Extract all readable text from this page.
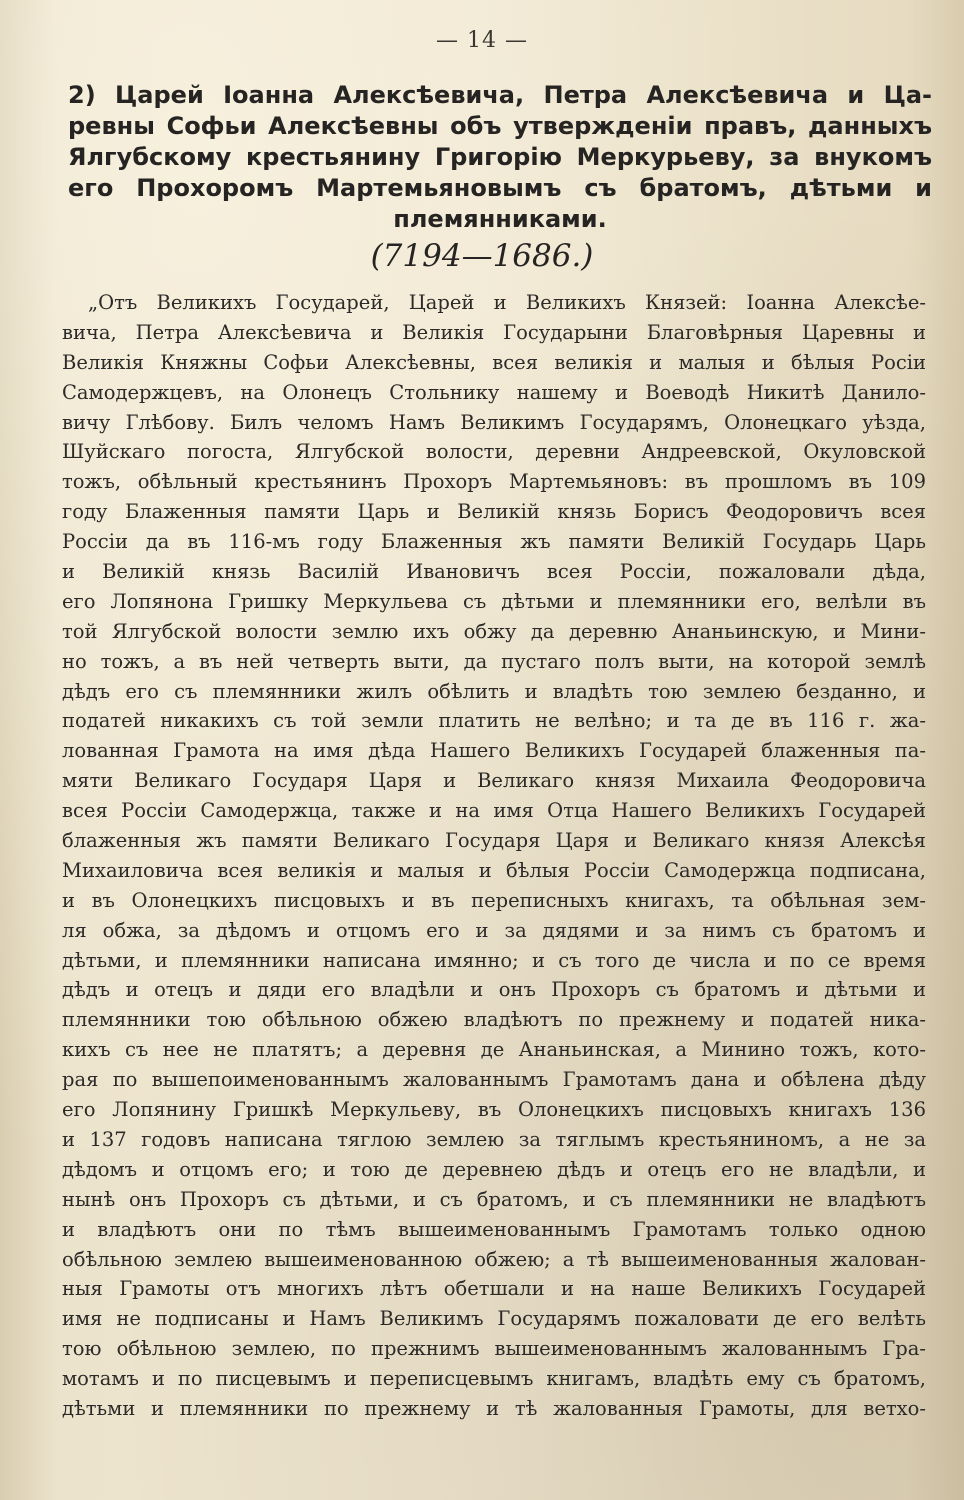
— 14 —
2) Царей Іоанна Алексѣевича, Петра Алексѣевича и Ца-
ревны Софьи Алексѣевны объ утвержденіи правъ, данныхъ
Ялгубскому крестьянину Григорію Меркурьеву, за внукомъ
его Прохоромъ Мартемьяновымъ съ братомъ, дѣтьми и
племянниками.
(7194—1686.)
„Отъ Великихъ Государей, Царей и Великихъ Князей: Іоанна Алексѣе-
вича, Петра Алексѣевича и Великія Государыни Благовѣрныя Царевны и
Великія Княжны Софьи Алексѣевны, всея великія и малыя и бѣлыя Росіи
Самодержцевъ, на Олонецъ Стольнику нашему и Воеводѣ Никитѣ Данило-
вичу Глѣбову. Билъ челомъ Намъ Великимъ Государямъ, Олонецкаго уѣзда,
Шуйскаго погоста, Ялгубской волости, деревни Андреевской, Окуловской
тожъ, обѣльный крестьянинъ Прохоръ Мартемьяновъ: въ прошломъ въ 109
году Блаженныя памяти Царь и Великій князь Борисъ Феодоровичъ всея
Россіи да въ 116-мъ году Блаженныя жъ памяти Великій Государь Царь
и Великій князь Василій Ивановичъ всея Россіи, пожаловали дѣда,
его Лопянона Гришку Меркульева съ дѣтьми и племянники его, велѣли въ
той Ялгубской волости землю ихъ обжу да деревню Ананьинскую, и Мини-
но тожъ, а въ ней четверть выти, да пустаго полъ выти, на которой землѣ
дѣдъ его съ племянники жилъ обѣлить и владѣть тою землею безданно, и
податей никакихъ съ той земли платить не велѣно; и та де въ 116 г. жа-
лованная Грамота на имя дѣда Нашего Великихъ Государей блаженныя па-
мяти Великаго Государя Царя и Великаго князя Михаила Феодоровича
всея Россіи Самодержца, также и на имя Отца Нашего Великихъ Государей
блаженныя жъ памяти Великаго Государя Царя и Великаго князя Алексѣя
Михаиловича всея великія и малыя и бѣлыя Россіи Самодержца подписана,
и въ Олонецкихъ писцовыхъ и въ переписныхъ книгахъ, та обѣльная зем-
ля обжа, за дѣдомъ и отцомъ его и за дядями и за нимъ съ братомъ и
дѣтьми, и племянники написана имянно; и съ того де числа и по се время
дѣдъ и отецъ и дяди его владѣли и онъ Прохоръ съ братомъ и дѣтьми и
племянники тою обѣльною обжею владѣютъ по прежнему и податей ника-
кихъ съ нее не платятъ; а деревня де Ананьинская, а Минино тожъ, кото-
рая по вышепоименованнымъ жалованнымъ Грамотамъ дана и обѣлена дѣду
его Лопянину Гришкѣ Меркульеву, въ Олонецкихъ писцовыхъ книгахъ 136
и 137 годовъ написана тяглою землею за тяглымъ крестьяниномъ, а не за
дѣдомъ и отцомъ его; и тою де деревнею дѣдъ и отецъ его не владѣли, и
нынѣ онъ Прохоръ съ дѣтьми, и съ братомъ, и съ племянники не владѣютъ
и владѣютъ они по тѣмъ вышеименованнымъ Грамотамъ только одною
обѣльною землею вышеименованною обжею; а тѣ вышеименованныя жалован-
ныя Грамоты отъ многихъ лѣтъ обетшали и на наше Великихъ Государей
имя не подписаны и Намъ Великимъ Государямъ пожаловати де его велѣть
тою обѣльною землею, по прежнимъ вышеименованнымъ жалованнымъ Гра-
мотамъ и по писцевымъ и переписцевымъ книгамъ, владѣть ему съ братомъ,
дѣтьми и племянники по прежнему и тѣ жалованныя Грамоты, для ветхо-
